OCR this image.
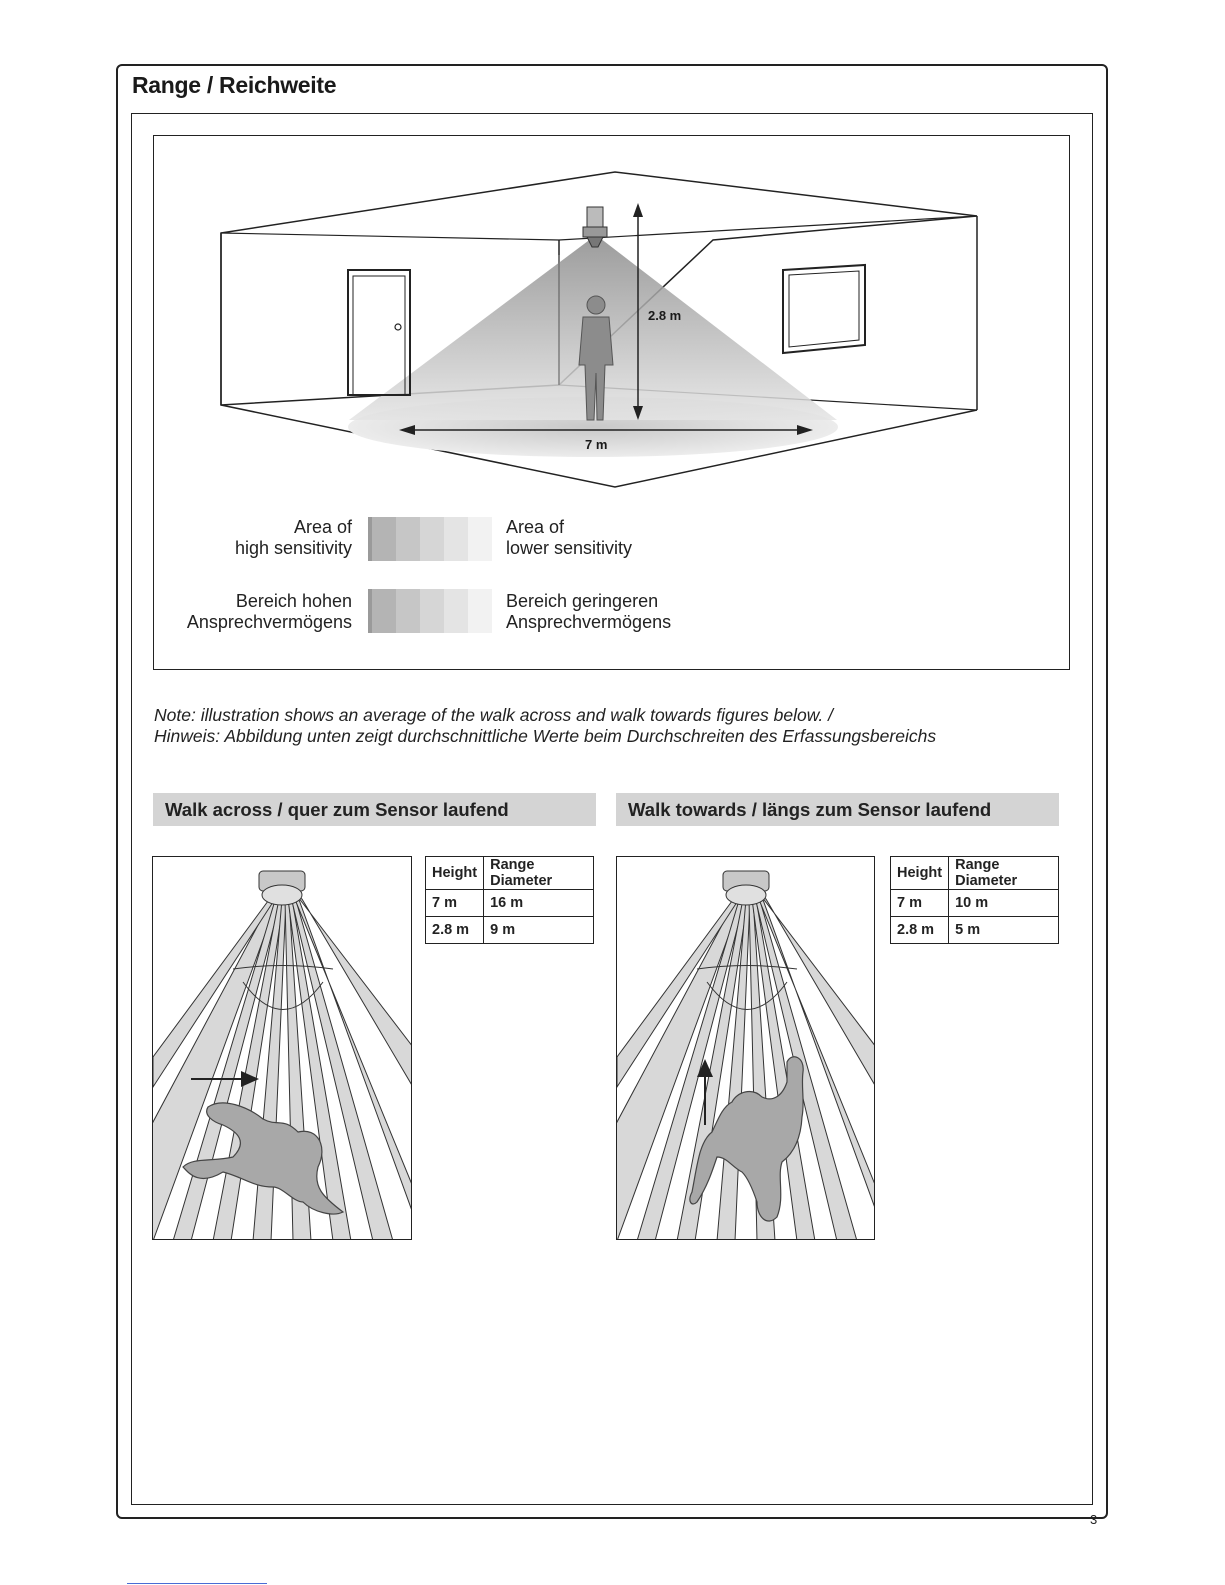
Range / Reichweite
2.8 m
7 m
Area of
high sensitivity
Area of
lower sensitivity
Bereich hohen
Ansprechvermögens
Bereich geringeren
Ansprechvermögens
Note: illustration shows an average of the walk across and walk towards figures below. /
Hinweis: Abbildung unten zeigt durchschnittliche Werte beim Durchschreiten des Erfassungsbereichs
Walk across / quer zum Sensor laufend
Height	Range Diameter
7 m	16 m
2.8 m	9 m
Walk towards / längs zum Sensor laufend
Height	Range Diameter
7 m	10 m
2.8 m	5 m
3
